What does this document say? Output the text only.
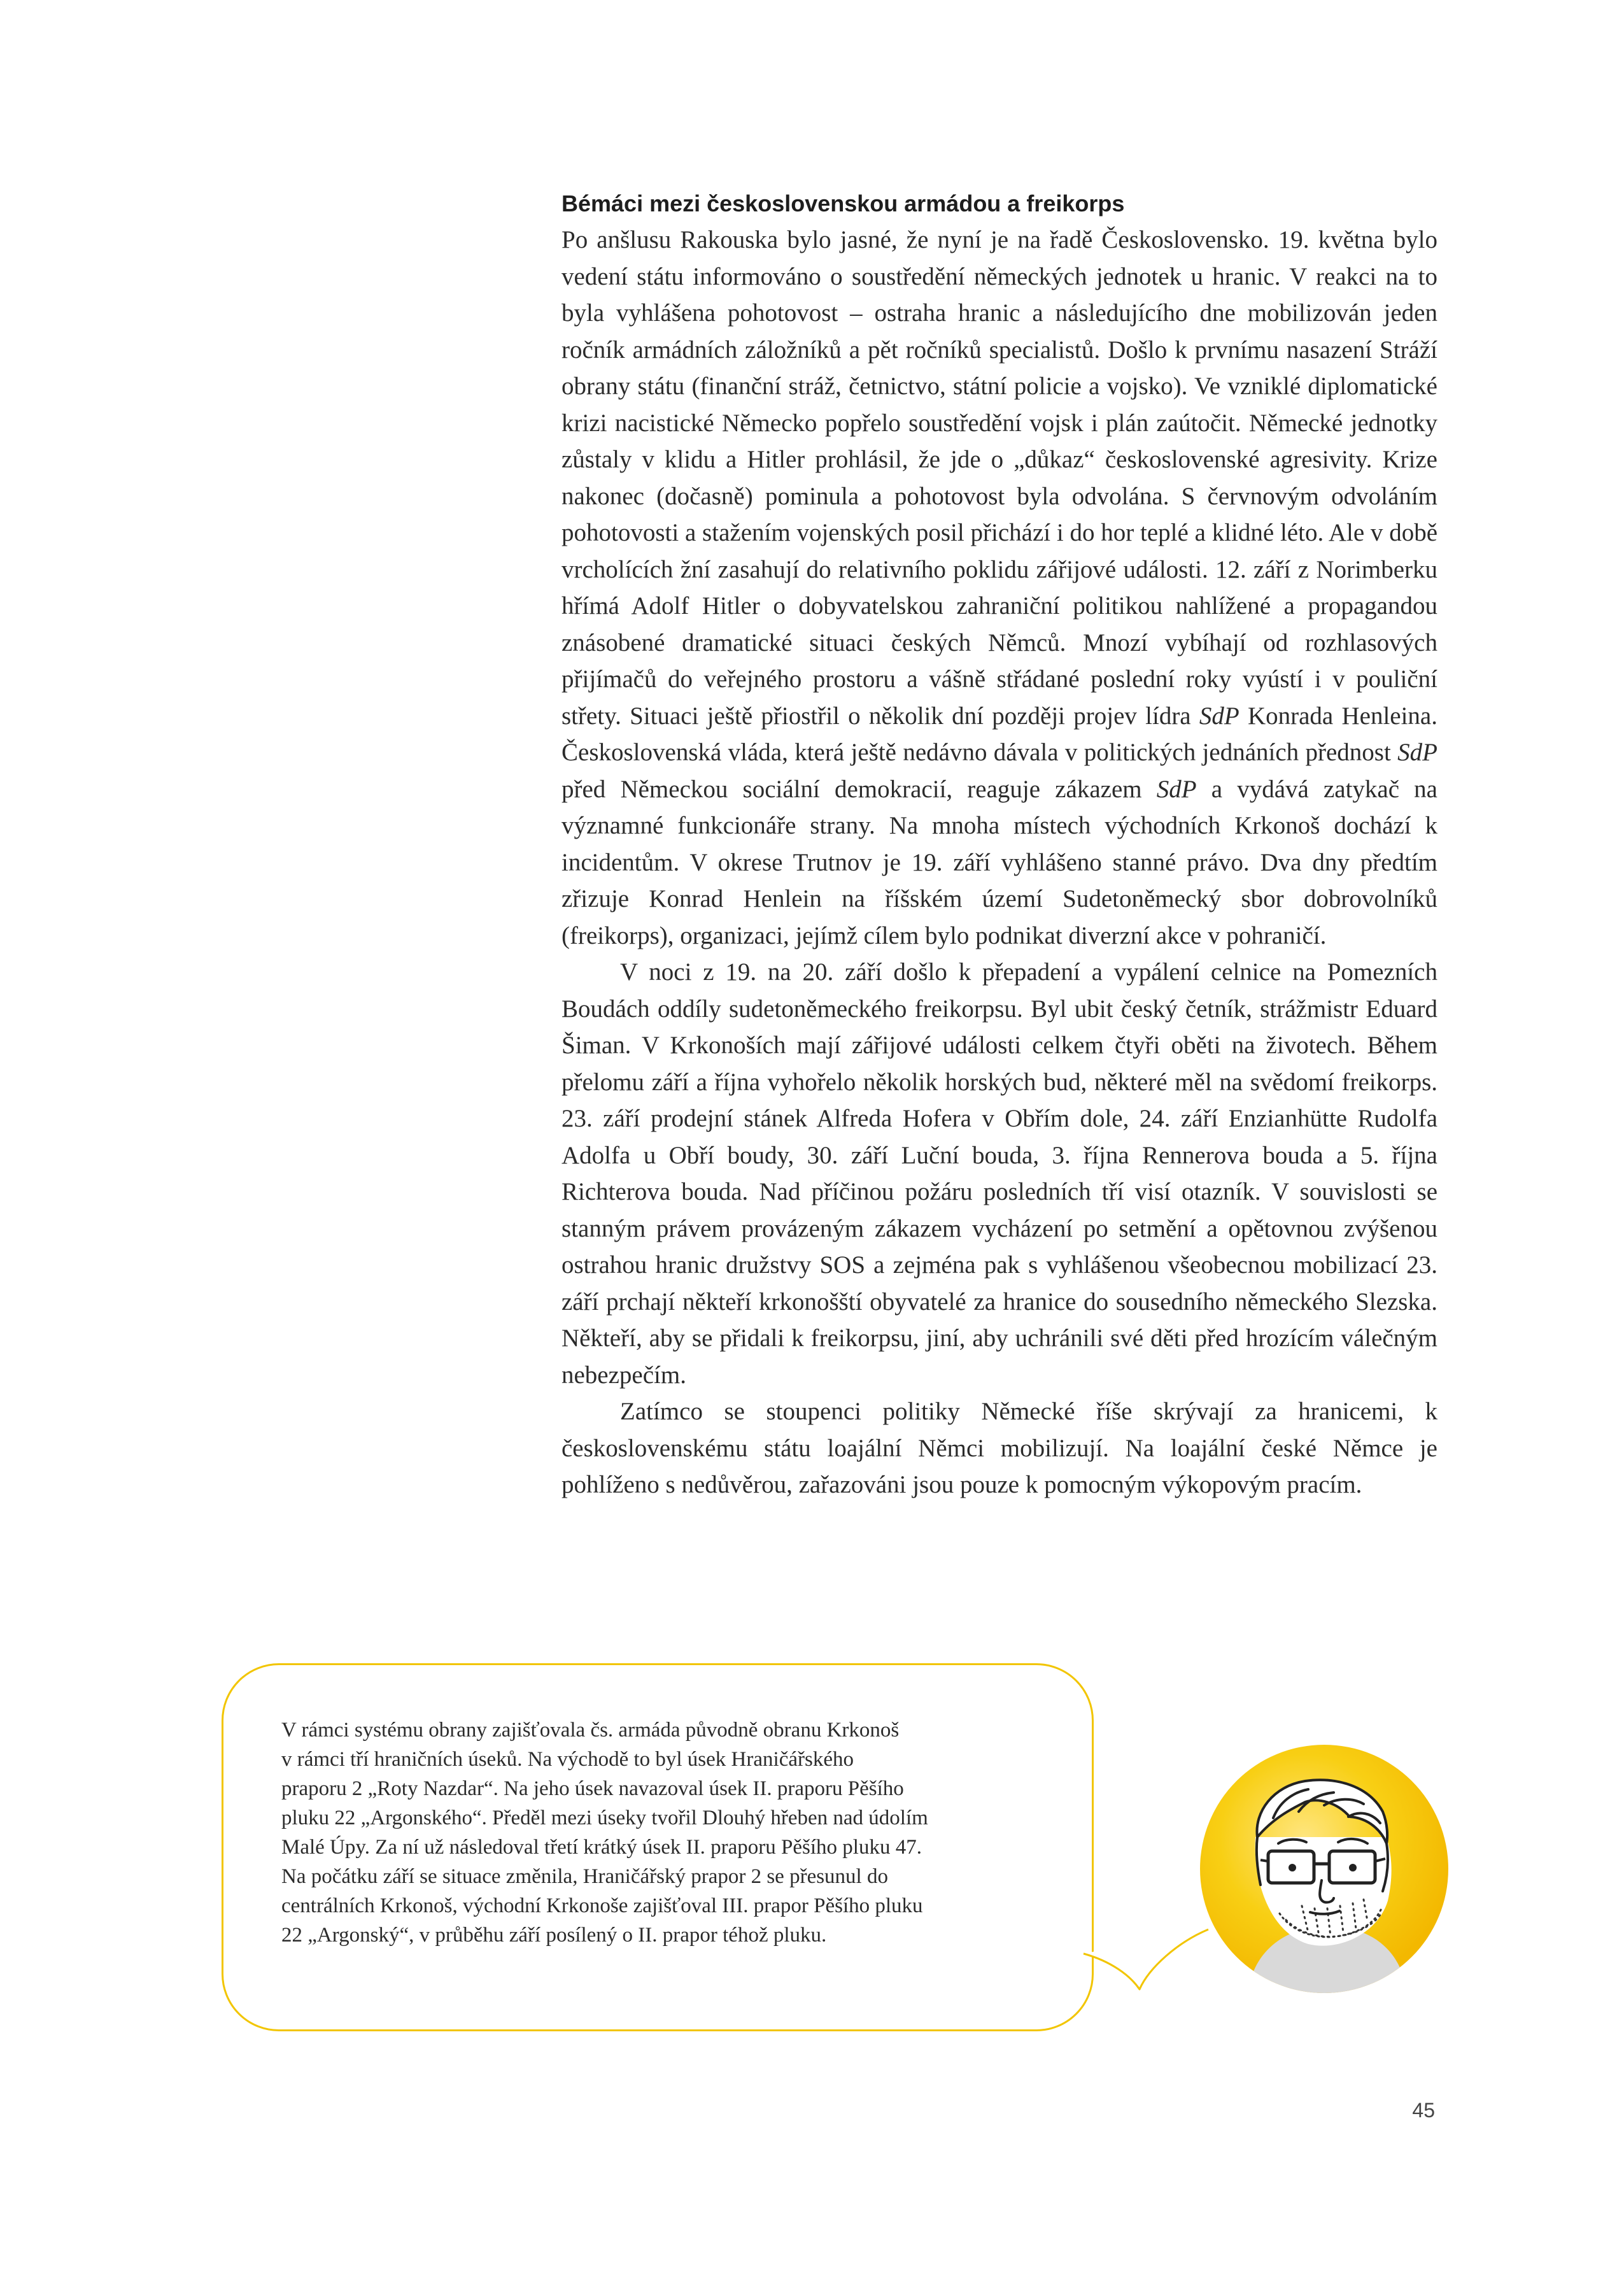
Bémáci mezi československou armádou a freikorps

Po anšlusu Rakouska bylo jasné, že nyní je na řadě Československo. 19. května bylo vedení státu informováno o soustředění německých jednotek u hranic. V reakci na to byla vyhlášena pohotovost – ostraha hranic a následujícího dne mobilizován jeden ročník armádních záložníků a pět ročníků specialistů. Došlo k prvnímu nasazení Stráží obrany státu (finanční stráž, četnictvo, státní policie a vojsko). Ve vzniklé diplomatické krizi nacistické Německo popřelo soustředění vojsk i plán zaútočit. Německé jednotky zůstaly v klidu a Hitler prohlásil, že jde o „důkaz“ československé agresivity. Krize nakonec (dočasně) pominula a pohotovost byla odvolána. S červnovým odvoláním pohotovosti a stažením vojenských posil přichází i do hor teplé a klidné léto. Ale v době vrcholících žní zasahují do relativního poklidu zářijové události. 12. září z Norimberku hřímá Adolf Hitler o dobyvatelskou zahraniční politikou nahlížené a propagandou znásobené dramatické situaci českých Němců. Mnozí vybíhají od rozhlasových přijímačů do veřejného prostoru a vášně střádané poslední roky vyústí i v pouliční střety. Situaci ještě přiostřil o několik dní později projev lídra SdP Konrada Henleina. Československá vláda, která ještě nedávno dávala v politických jednáních přednost SdP před Německou sociální demokracií, reaguje zákazem SdP a vydává zatykač na významné funkcionáře strany. Na mnoha místech východních Krkonoš dochází k incidentům. V okrese Trutnov je 19. září vyhlášeno stanné právo. Dva dny předtím zřizuje Konrad Henlein na říšském území Sudetoněmecký sbor dobrovolníků (freikorps), organizaci, jejímž cílem bylo podnikat diverzní akce v pohraničí.

V noci z 19. na 20. září došlo k přepadení a vypálení celnice na Pomezních Boudách oddíly sudetoněmeckého freikorpsu. Byl ubit český četník, strážmistr Eduard Šiman. V Krkonoších mají zářijové události celkem čtyři oběti na životech. Během přelomu září a října vyhořelo několik horských bud, některé měl na svědomí freikorps. 23. září prodejní stánek Alfreda Hofera v Obřím dole, 24. září Enzianhütte Rudolfa Adolfa u Obří boudy, 30. září Luční bouda, 3. října Rennerova bouda a 5. října Richterova bouda. Nad příčinou požáru posledních tří visí otazník. V souvislosti se stanným právem provázeným zákazem vycházení po setmění a opětovnou zvýšenou ostrahou hranic družstvy SOS a zejména pak s vyhlášenou všeobecnou mobilizací 23. září prchají někteří krkonošští obyvatelé za hranice do sousedního německého Slezska. Někteří, aby se přidali k freikorpsu, jiní, aby uchránili své děti před hrozícím válečným nebezpečím.

Zatímco se stoupenci politiky Německé říše skrývají za hranicemi, k československému státu loajální Němci mobilizují. Na loajální české Němce je pohlíženo s nedůvěrou, zařazováni jsou pouze k pomocným výkopovým pracím.

V rámci systému obrany zajišťovala čs. armáda původně obranu Krkonoš

v rámci tří hraničních úseků. Na východě to byl úsek Hraničářského

praporu 2 „Roty Nazdar“. Na jeho úsek navazoval úsek II. praporu Pěšího

pluku 22 „Argonského“. Předěl mezi úseky tvořil Dlouhý hřeben nad údolím

Malé Úpy. Za ní už následoval třetí krátký úsek II. praporu Pěšího pluku 47.

Na počátku září se situace změnila, Hraničářský prapor 2 se přesunul do

centrálních Krkonoš, východní Krkonoše zajišťoval III. prapor Pěšího pluku

22 „Argonský“, v průběhu září posílený o II. prapor téhož pluku.

45
